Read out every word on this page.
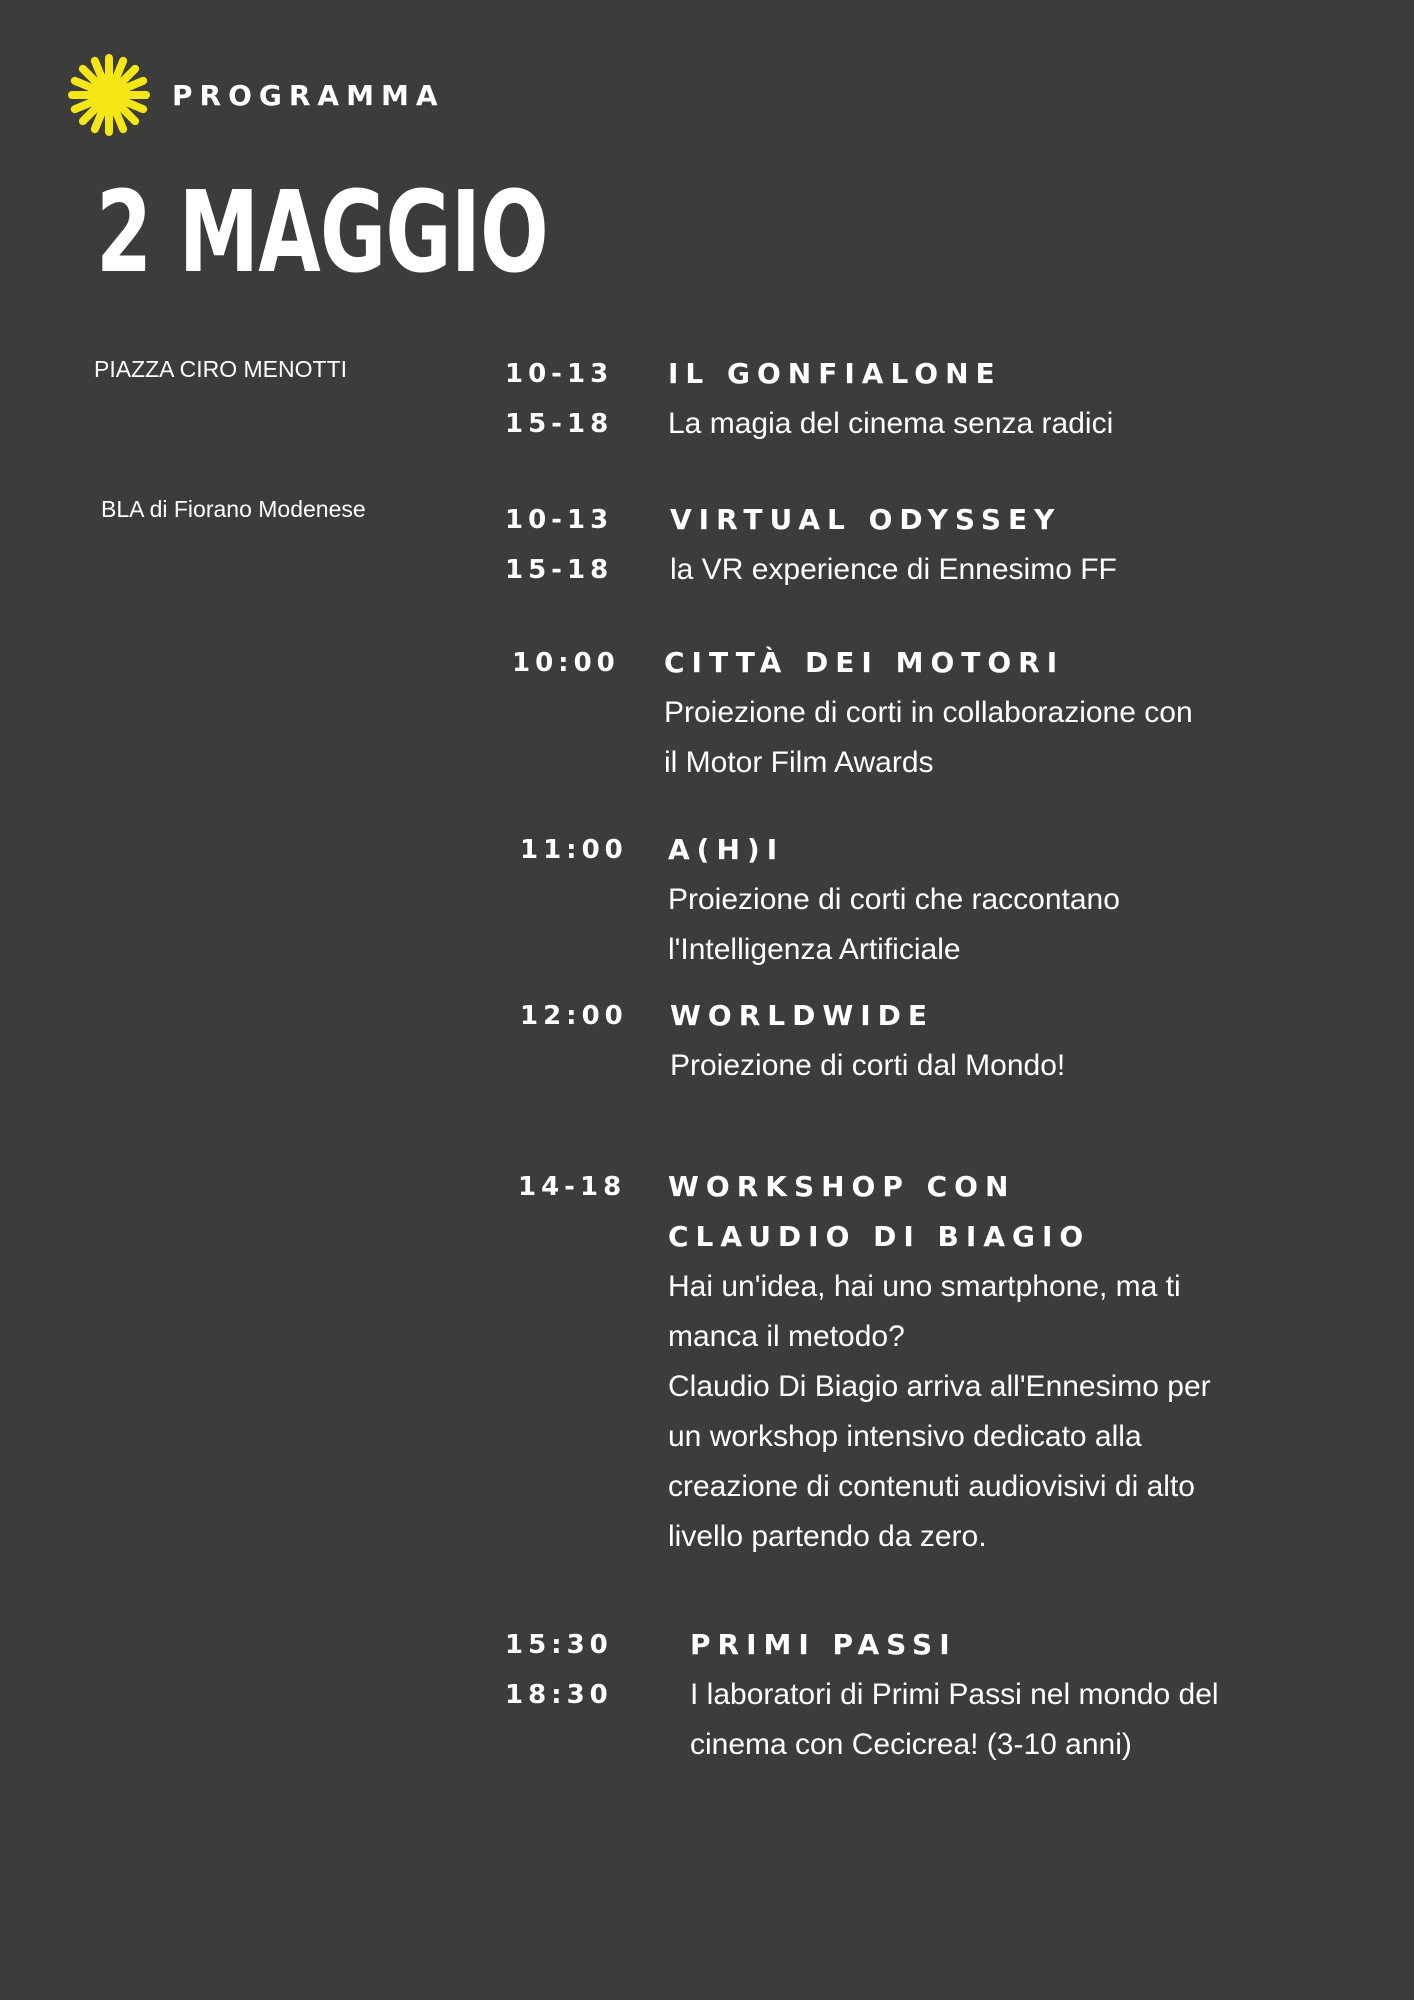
PROGRAMMA
2 MAGGIO
PIAZZA CIRO MENOTTI
BLA di Fiorano Modenese
10-13
15-18
IL GONFIALONE

La magia del cinema senza radici

10-13
15-18
VIRTUAL ODYSSEY

la VR experience di Ennesimo FF

10:00 CITTÀ DEI MOTORI

Proiezione di corti in collaborazione con
il Motor Film Awards

11:00 A(H)I

Proiezione di corti che raccontano
l'Intelligenza Artificiale

12:00 WORLDWIDE

Proiezione di corti dal Mondo!

14-18 WORKSHOP CON
CLAUDIO DI BIAGIO

Hai un'idea, hai uno smartphone, ma ti
manca il metodo?
Claudio Di Biagio arriva all'Ennesimo per
un workshop intensivo dedicato alla
creazione di contenuti audiovisivi di alto
livello partendo da zero.

15:30
18:30
PRIMI PASSI

I laboratori di Primi Passi nel mondo del
cinema con Cecicrea! (3-10 anni)
